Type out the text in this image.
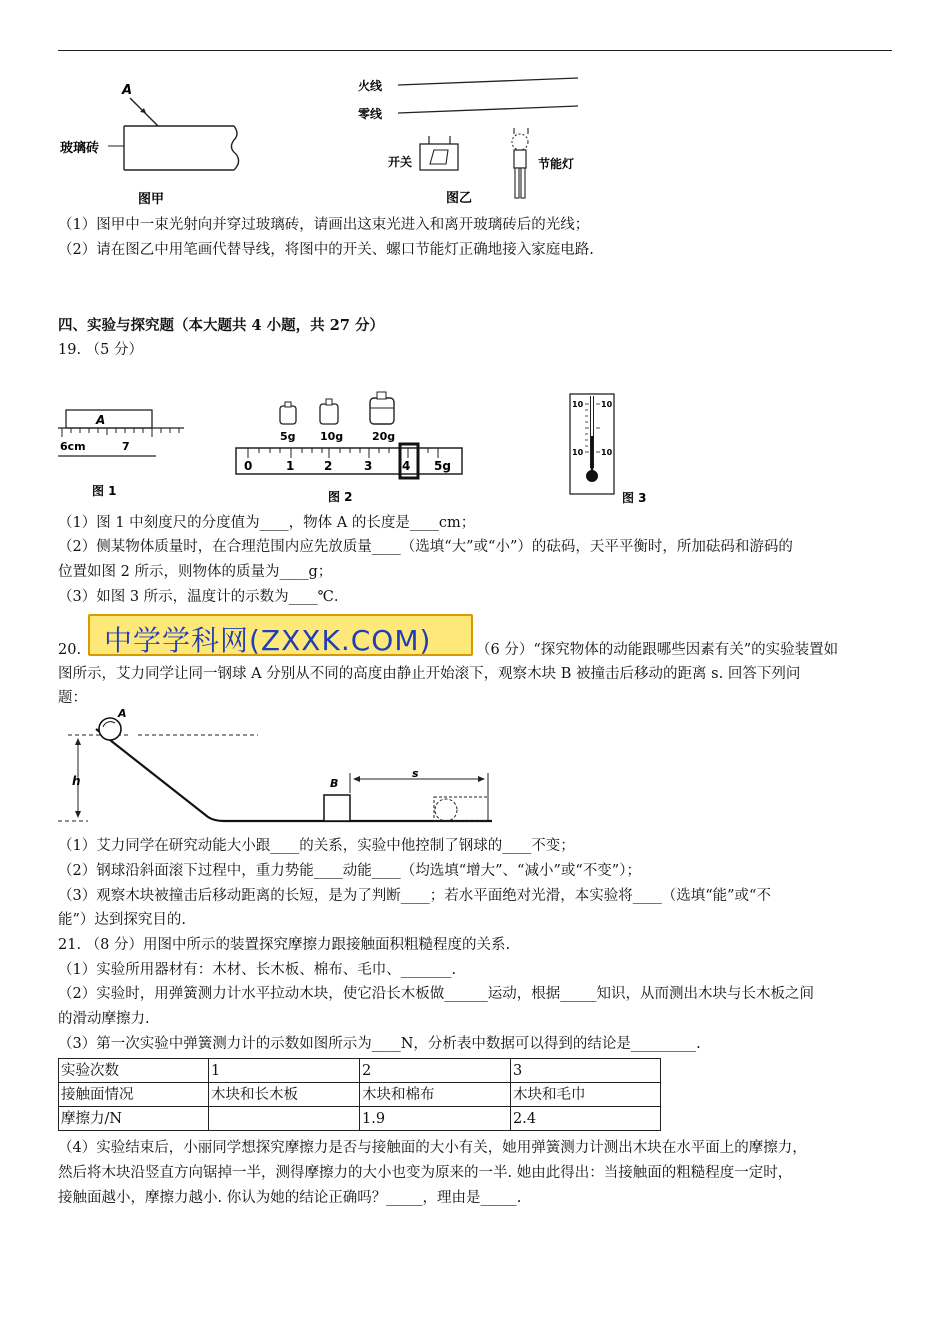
A
玻璃砖
图甲
火线
零线
开关	节能灯
图乙
（1）图甲中一束光射向并穿过玻璃砖，请画出这束光进入和离开玻璃砖后的光线；
（2）请在图乙中用笔画代替导线，将图中的开关、螺口节能灯正确地接入家庭电路.
四、实验与探究题（本大题共 4 小题，共 27 分）
19. （5 分）
A
6cm	7
图 1
5g 10g	20g
0	1 2	3 4 5g
图 2
10 10
10 10
图 3
（1）图 1 中刻度尺的分度值为____，物体 A 的长度是____cm；
（2）侧某物体质量时，在合理范围内应先放质量____（选填“大”或“小”）的砝码，天平平衡时，所加砝码和游码的
位置如图 2 所示，则物体的质量为____g；
（3）如图 3 所示，温度计的示数为____℃.
20. 中学学科网(ZXXK.COM)	（6 分）“探究物体的动能跟哪些因素有关”的实验装置如
图所示，艾力同学让同一钢球 A 分别从不同的高度由静止开始滚下，观察木块 B 被撞击后移动的距离 s. 回答下列问
题：
A
h	B
s
（1）艾力同学在研究动能大小跟____的关系，实验中他控制了钢球的____不变；
（2）钢球沿斜面滚下过程中，重力势能____动能____（均选填“增大”、“减小”或“不变”）；
（3）观察木块被撞击后移动距离的长短，是为了判断____；若水平面绝对光滑，本实验将____（选填“能”或“不
能”）达到探究目的.
21. （8 分）用图中所示的装置探究摩擦力跟接触面积粗糙程度的关系.
（1）实验所用器材有：木材、长木板、棉布、毛巾、_______.
（2）实验时，用弹簧测力计水平拉动木块，使它沿长木板做______运动，根据_____知识，从而测出木块与长木板之间
的滑动摩擦力.
（3）第一次实验中弹簧测力计的示数如图所示为____N，分析表中数据可以得到的结论是_________.
实验次数	1	2	3
接触面情况	木块和长木板	木块和棉布	木块和毛巾
摩擦力/N		1.9	2.4
（4）实验结束后，小丽同学想探究摩擦力是否与接触面的大小有关，她用弹簧测力计测出木块在水平面上的摩擦力，
然后将木块沿竖直方向锯掉一半，测得摩擦力的大小也变为原来的一半. 她由此得出：当接触面的粗糙程度一定时，
接触面越小，摩擦力越小. 你认为她的结论正确吗？_____，理由是_____.
